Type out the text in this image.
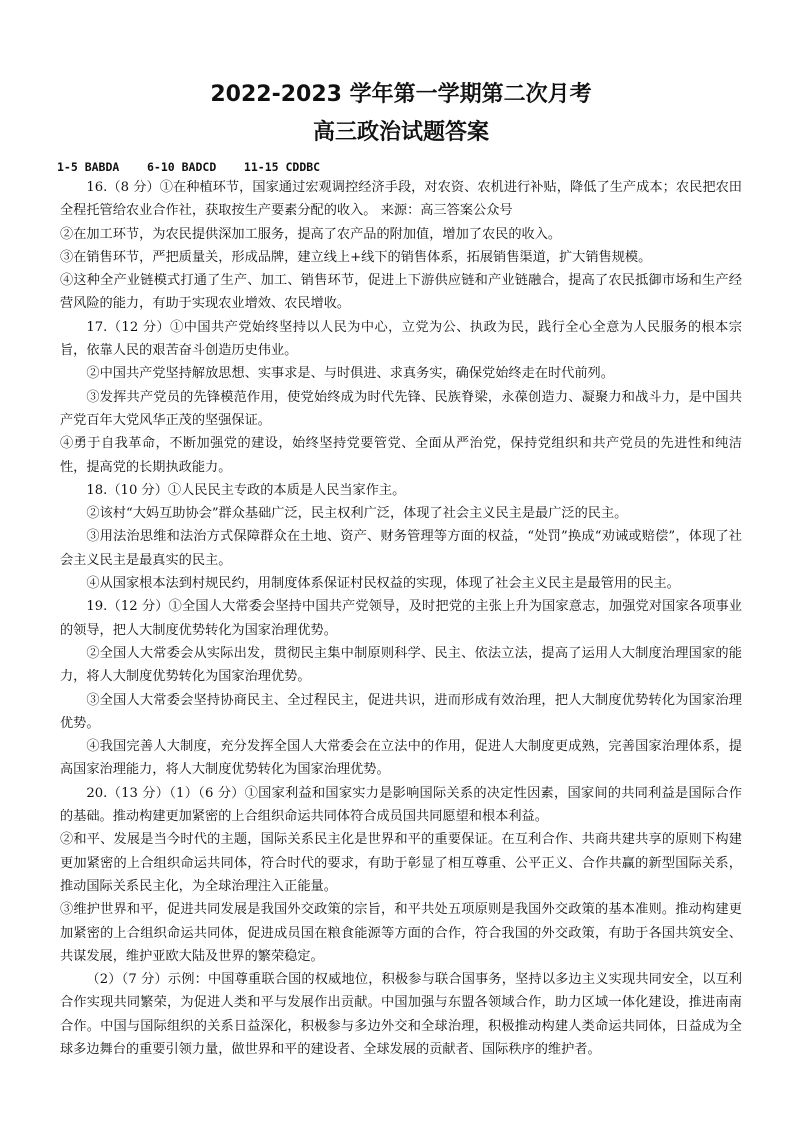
2022-2023 学年第一学期第二次月考
高三政治试题答案
1-5 BABDA    6-10 BADCD    11-15 CDDBC

16.（8 分）①在种植环节，国家通过宏观调控经济手段，对农资、农机进行补贴，降低了生产成本；农民把农田全程托管给农业合作社，获取按生产要素分配的收入。 来源：高三答案公众号

②在加工环节，为农民提供深加工服务，提高了农产品的附加值，增加了农民的收入。

③在销售环节，严把质量关，形成品牌，建立线上+线下的销售体系，拓展销售渠道，扩大销售规模。

④这种全产业链模式打通了生产、加工、销售环节，促进上下游供应链和产业链融合，提高了农民抵御市场和生产经营风险的能力，有助于实现农业增效、农民增收。

17.（12 分）①中国共产党始终坚持以人民为中心，立党为公、执政为民，践行全心全意为人民服务的根本宗旨，依靠人民的艰苦奋斗创造历史伟业。

②中国共产党坚持解放思想、实事求是、与时俱进、求真务实，确保党始终走在时代前列。

③发挥共产党员的先锋模范作用，使党始终成为时代先锋、民族脊梁，永葆创造力、凝聚力和战斗力，是中国共产党百年大党风华正茂的坚强保证。

④勇于自我革命，不断加强党的建设，始终坚持党要管党、全面从严治党，保持党组织和共产党员的先进性和纯洁性，提高党的长期执政能力。

18.（10 分）①人民民主专政的本质是人民当家作主。

②该村“大妈互助协会”群众基础广泛，民主权利广泛，体现了社会主义民主是最广泛的民主。

③用法治思维和法治方式保障群众在土地、资产、财务管理等方面的权益，“处罚”换成“劝诫或赔偿”，体现了社会主义民主是最真实的民主。

④从国家根本法到村规民约，用制度体系保证村民权益的实现，体现了社会主义民主是最管用的民主。

19.（12 分）①全国人大常委会坚持中国共产党领导，及时把党的主张上升为国家意志，加强党对国家各项事业的领导，把人大制度优势转化为国家治理优势。

②全国人大常委会从实际出发，贯彻民主集中制原则科学、民主、依法立法，提高了运用人大制度治理国家的能力，将人大制度优势转化为国家治理优势。

③全国人大常委会坚持协商民主、全过程民主，促进共识，进而形成有效治理，把人大制度优势转化为国家治理优势。

④我国完善人大制度，充分发挥全国人大常委会在立法中的作用，促进人大制度更成熟，完善国家治理体系，提高国家治理能力，将人大制度优势转化为国家治理优势。

20.（13 分）（1）（6 分）①国家利益和国家实力是影响国际关系的决定性因素，国家间的共同利益是国际合作的基础。推动构建更加紧密的上合组织命运共同体符合成员国共同愿望和根本利益。

②和平、发展是当今时代的主题，国际关系民主化是世界和平的重要保证。在互利合作、共商共建共享的原则下构建更加紧密的上合组织命运共同体，符合时代的要求，有助于彰显了相互尊重、公平正义、合作共赢的新型国际关系，推动国际关系民主化，为全球治理注入正能量。

③维护世界和平，促进共同发展是我国外交政策的宗旨，和平共处五项原则是我国外交政策的基本准则。推动构建更加紧密的上合组织命运共同体，促进成员国在粮食能源等方面的合作，符合我国的外交政策，有助于各国共筑安全、共谋发展，维护亚欧大陆及世界的繁荣稳定。

（2）（7 分）示例：中国尊重联合国的权威地位，积极参与联合国事务，坚持以多边主义实现共同安全，以互利合作实现共同繁荣，为促进人类和平与发展作出贡献。中国加强与东盟各领域合作，助力区域一体化建设，推进南南合作。中国与国际组织的关系日益深化，积极参与多边外交和全球治理，积极推动构建人类命运共同体，日益成为全球多边舞台的重要引领力量，做世界和平的建设者、全球发展的贡献者、国际秩序的维护者。
